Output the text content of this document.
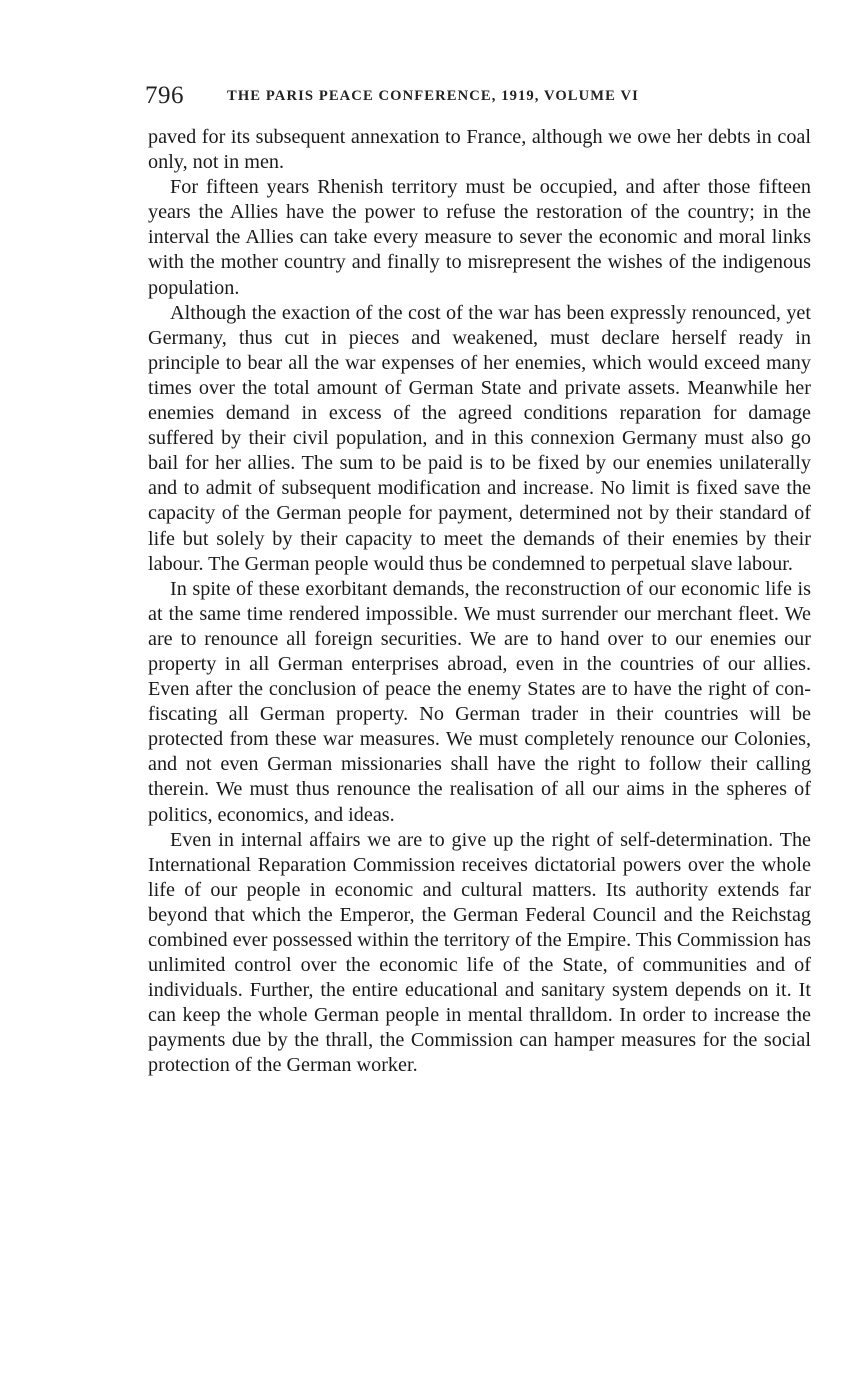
796	THE PARIS PEACE CONFERENCE, 1919, VOLUME VI

paved for its subsequent annexation to France, although we owe her debts in coal only, not in men.

For fifteen years Rhenish territory must be occupied, and after those fifteen years the Allies have the power to refuse the restoration of the country; in the interval the Allies can take every measure to sever the economic and moral links with the mother country and finally to misrepresent the wishes of the indigenous population.

Although the exaction of the cost of the war has been expressly renounced, yet Germany, thus cut in pieces and weakened, must declare herself ready in principle to bear all the war expenses of her enemies, which would exceed many times over the total amount of German State and private assets. Meanwhile her enemies demand in excess of the agreed conditions reparation for damage suffered by their civil population, and in this connexion Germany must also go bail for her allies. The sum to be paid is to be fixed by our enemies unilaterally and to admit of subsequent modification and increase. No limit is fixed save the capacity of the German people for payment, determined not by their standard of life but solely by their capacity to meet the demands of their enemies by their labour. The German people would thus be condemned to perpetual slave labour.

In spite of these exorbitant demands, the reconstruction of our economic life is at the same time rendered impossible. We must surrender our merchant fleet. We are to renounce all foreign securities. We are to hand over to our enemies our property in all German enterprises abroad, even in the countries of our allies. Even after the conclusion of peace the enemy States are to have the right of confiscating all German property. No German trader in their countries will be protected from these war measures. We must completely renounce our Colonies, and not even German missionaries shall have the right to follow their calling therein. We must thus renounce the realisation of all our aims in the spheres of politics, economics, and ideas.

Even in internal affairs we are to give up the right of self-determination. The International Reparation Commission receives dictatorial powers over the whole life of our people in economic and cultural matters. Its authority extends far beyond that which the Emperor, the German Federal Council and the Reichstag combined ever possessed within the territory of the Empire. This Commission has unlimited control over the economic life of the State, of communities and of individuals. Further, the entire educational and sanitary system depends on it. It can keep the whole German people in mental thralldom. In order to increase the payments due by the thrall, the Commission can hamper measures for the social protection of the German worker.
